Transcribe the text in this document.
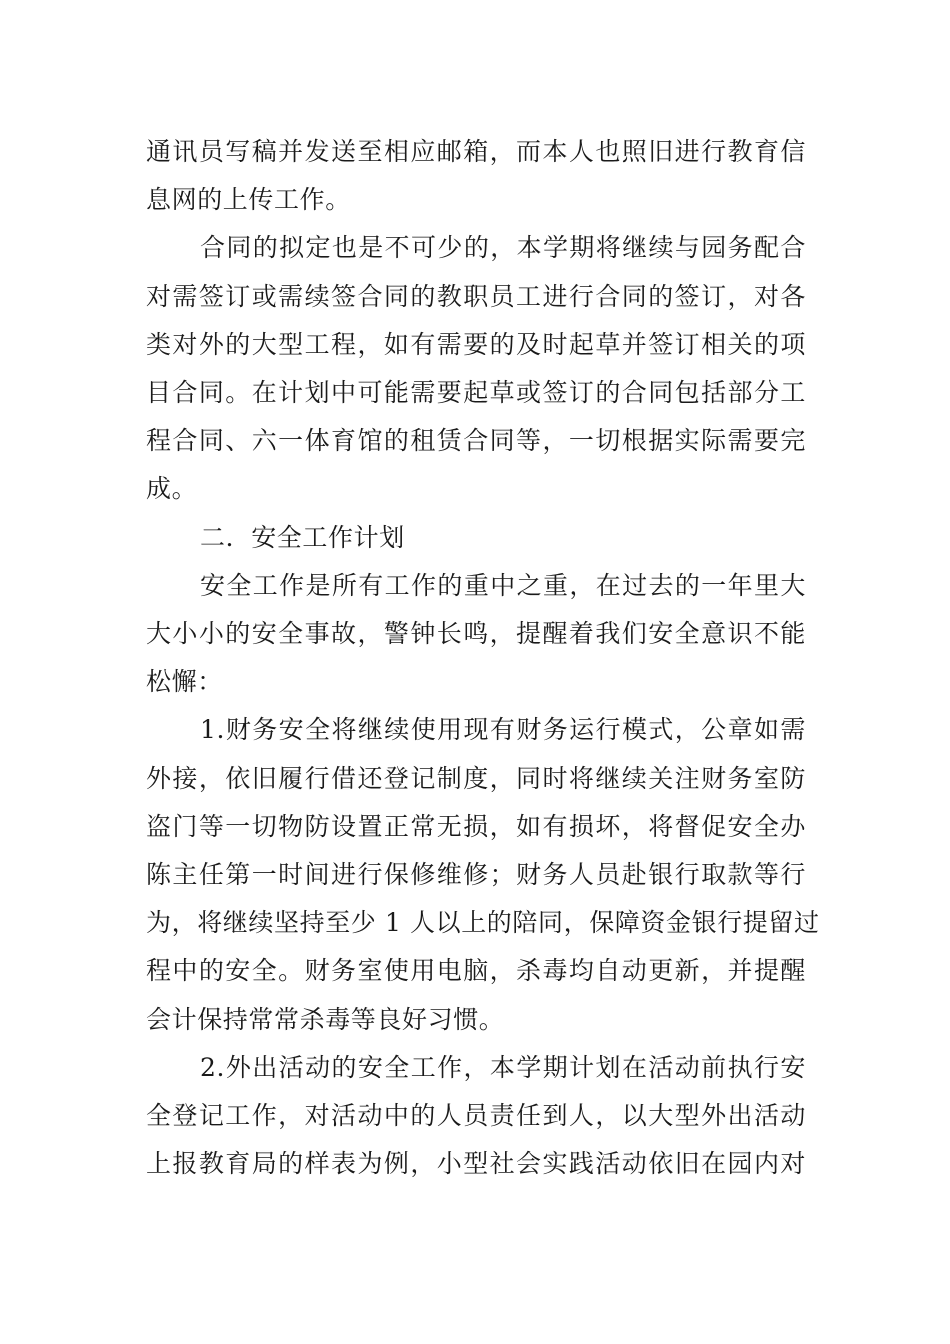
通讯员写稿并发送至相应邮箱，而本人也照旧进行教育信
息网的上传工作。
合同的拟定也是不可少的，本学期将继续与园务配合
对需签订或需续签合同的教职员工进行合同的签订，对各
类对外的大型工程，如有需要的及时起草并签订相关的项
目合同。在计划中可能需要起草或签订的合同包括部分工
程合同、六一体育馆的租赁合同等，一切根据实际需要完
成。
二．安全工作计划
安全工作是所有工作的重中之重，在过去的一年里大
大小小的安全事故，警钟长鸣，提醒着我们安全意识不能
松懈：
1.财务安全将继续使用现有财务运行模式，公章如需
外接，依旧履行借还登记制度，同时将继续关注财务室防
盗门等一切物防设置正常无损，如有损坏，将督促安全办
陈主任第一时间进行保修维修；财务人员赴银行取款等行
为，将继续坚持至少 1 人以上的陪同，保障资金银行提留过
程中的安全。财务室使用电脑，杀毒均自动更新，并提醒
会计保持常常杀毒等良好习惯。
2.外出活动的安全工作，本学期计划在活动前执行安
全登记工作，对活动中的人员责任到人，以大型外出活动
上报教育局的样表为例，小型社会实践活动依旧在园内对
